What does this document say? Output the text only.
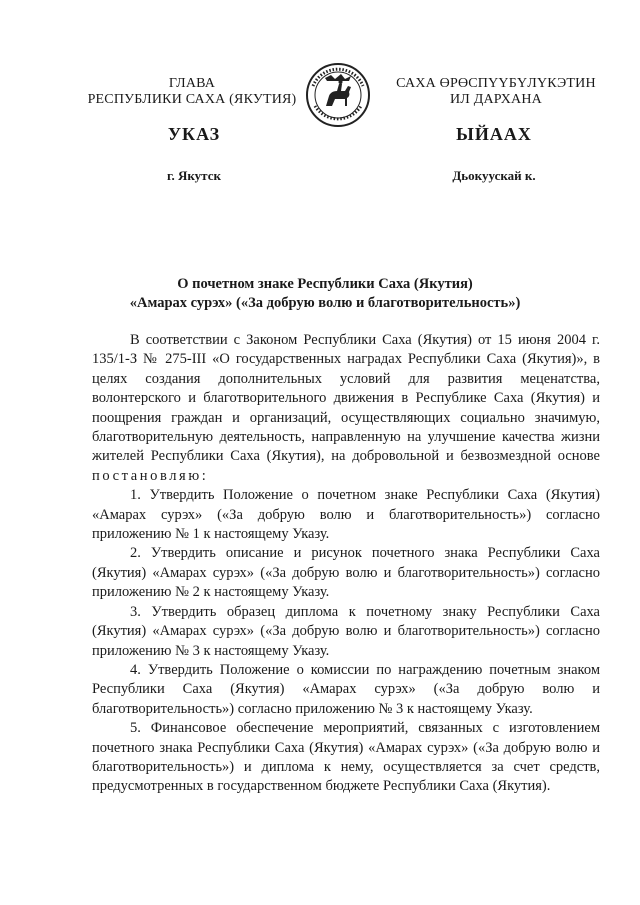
ГЛАВА
РЕСПУБЛИКИ САХА (ЯКУТИЯ)
САХА ӨРӨСПҮҮБҮЛҮКЭТИН
ИЛ ДАРХАНА
УКАЗ	ЫЙААХ
г. Якутск	Дьокуускай к.
О почетном знаке Республики Саха (Якутия)
«Амарах сурэх» («За добрую волю и благотворительность»)

В соответствии с Законом Республики Саха (Якутия) от 15 июня 2004 г. 135/1-З № 275-III «О государственных наградах Республики Саха (Якутия)», в целях создания дополнительных условий для развития меценатства, волонтерского и благотворительного движения в Республике Саха (Якутия) и поощрения граждан и организаций, осуществляющих социально значимую, благотворительную деятельность, направленную на улучшение качества жизни жителей Республики Саха (Якутия), на добровольной и безвозмездной основе постановляю:

1. Утвердить Положение о почетном знаке Республики Саха (Якутия) «Амарах сурэх» («За добрую волю и благотворительность») согласно приложению № 1 к настоящему Указу.

2. Утвердить описание и рисунок почетного знака Республики Саха (Якутия) «Амарах сурэх» («За добрую волю и благотворительность») согласно приложению № 2 к настоящему Указу.

3. Утвердить образец диплома к почетному знаку Республики Саха (Якутия) «Амарах сурэх» («За добрую волю и благотворительность») согласно приложению № 3 к настоящему Указу.

4. Утвердить Положение о комиссии по награждению почетным знаком Республики Саха (Якутия) «Амарах сурэх» («За добрую волю и благотворительность») согласно приложению № 3 к настоящему Указу.

5. Финансовое обеспечение мероприятий, связанных с изготовлением почетного знака Республики Саха (Якутия) «Амарах сурэх» («За добрую волю и благотворительность») и диплома к нему, осуществляется за счет средств, предусмотренных в государственном бюджете Республики Саха (Якутия).
